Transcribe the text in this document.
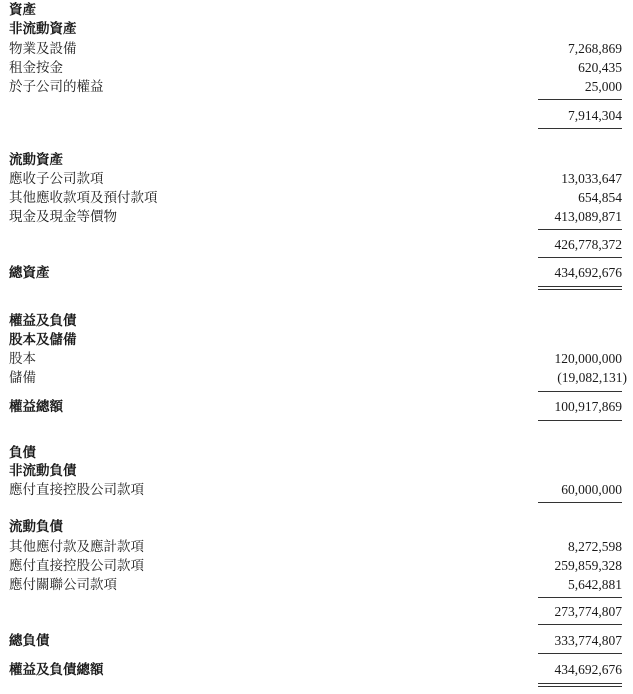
資產
非流動資產
物業及設備	7,268,869
租金按金	620,435
於子公司的權益	25,000
7,914,304
流動資產
應收子公司款項	13,033,647
其他應收款項及預付款項	654,854
現金及現金等價物	413,089,871
426,778,372
總資產	434,692,676
權益及負債
股本及儲備
股本	120,000,000
儲備	(19,082,131)
權益總額	100,917,869
負債
非流動負債
應付直接控股公司款項	60,000,000
流動負債
其他應付款及應計款項	8,272,598
應付直接控股公司款項	259,859,328
應付關聯公司款項	5,642,881
273,774,807
總負債	333,774,807
權益及負債總額	434,692,676
